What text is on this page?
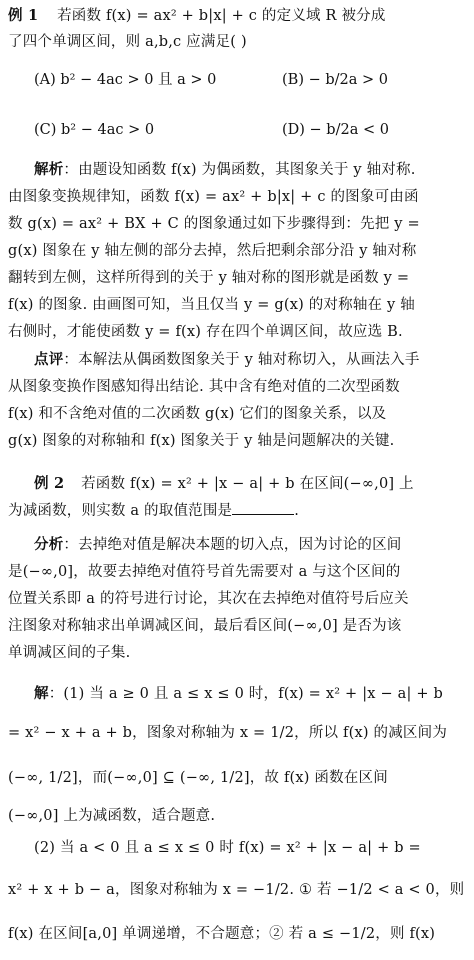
例 1 若函数 f(x) = ax² + b|x| + c 的定义域 R 被分成
了四个单调区间，则 a,b,c 应满足( )
(A) b² − 4ac > 0 且 a > 0	(B) − b/2a > 0
(C) b² − 4ac > 0	(D) − b/2a < 0
解析：由题设知函数 f(x) 为偶函数，其图象关于 y 轴对称.
由图象变换规律知，函数 f(x) = ax² + b|x| + c 的图象可由函
数 g(x) = ax² + BX + C 的图象通过如下步骤得到：先把 y =
g(x) 图象在 y 轴左侧的部分去掉，然后把剩余部分沿 y 轴对称
翻转到左侧，这样所得到的关于 y 轴对称的图形就是函数 y =
f(x) 的图象. 由画图可知，当且仅当 y = g(x) 的对称轴在 y 轴
右侧时，才能使函数 y = f(x) 存在四个单调区间，故应选 B.
点评：本解法从偶函数图象关于 y 轴对称切入，从画法入手
从图象变换作图感知得出结论. 其中含有绝对值的二次型函数
f(x) 和不含绝对值的二次函数 g(x) 它们的图象关系，以及
g(x) 图象的对称轴和 f(x) 图象关于 y 轴是问题解决的关键.
例 2 若函数 f(x) = x² + |x − a| + b 在区间(−∞,0] 上
为减函数，则实数 a 的取值范围是	.
分析：去掉绝对值是解决本题的切入点，因为讨论的区间
是(−∞,0]，故要去掉绝对值符号首先需要对 a 与这个区间的
位置关系即 a 的符号进行讨论，其次在去掉绝对值符号后应关
注图象对称轴求出单调减区间，最后看区间(−∞,0] 是否为该
单调减区间的子集.
解：(1) 当 a ≥ 0 且 a ≤ x ≤ 0 时，f(x) = x² + |x − a| + b
= x² − x + a + b，图象对称轴为 x = 1/2，所以 f(x) 的减区间为
(−∞, 1/2]，而(−∞,0] ⊆ (−∞, 1/2]，故 f(x) 函数在区间
(−∞,0] 上为减函数，适合题意.
(2) 当 a < 0 且 a ≤ x ≤ 0 时 f(x) = x² + |x − a| + b =
x² + x + b − a，图象对称轴为 x = −1/2. ① 若 −1/2 < a < 0，则
f(x) 在区间[a,0] 单调递增，不合题意；② 若 a ≤ −1/2，则 f(x)
